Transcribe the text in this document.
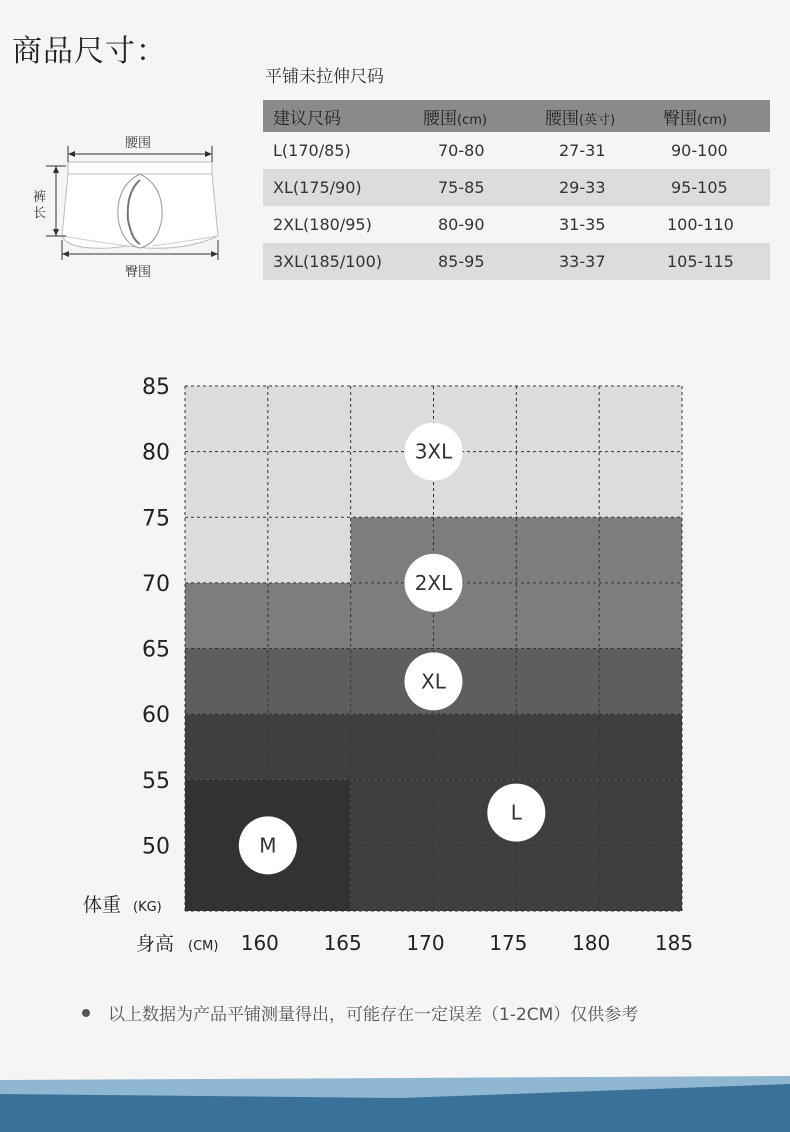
商品尺寸：
平铺未拉伸尺码
腰围
裤
长
臀围
建议尺码	腰围(cm)	腰围(英寸)	臀围(cm)
L(170/85)	70-80	27-31	90-100
XL(175/90)	75-85	29-33	95-105
2XL(180/95)	80-90	31-35	100-110
3XL(185/100)	85-95	33-37	105-115
M
L
XL
2XL
3XL
50
55
60
65
70
75
80
85
160 165 170 175 180 185
体重 (KG)
身高 (CM)
以上数据为产品平铺测量得出，可能存在一定误差（1-2CM）仅供参考
